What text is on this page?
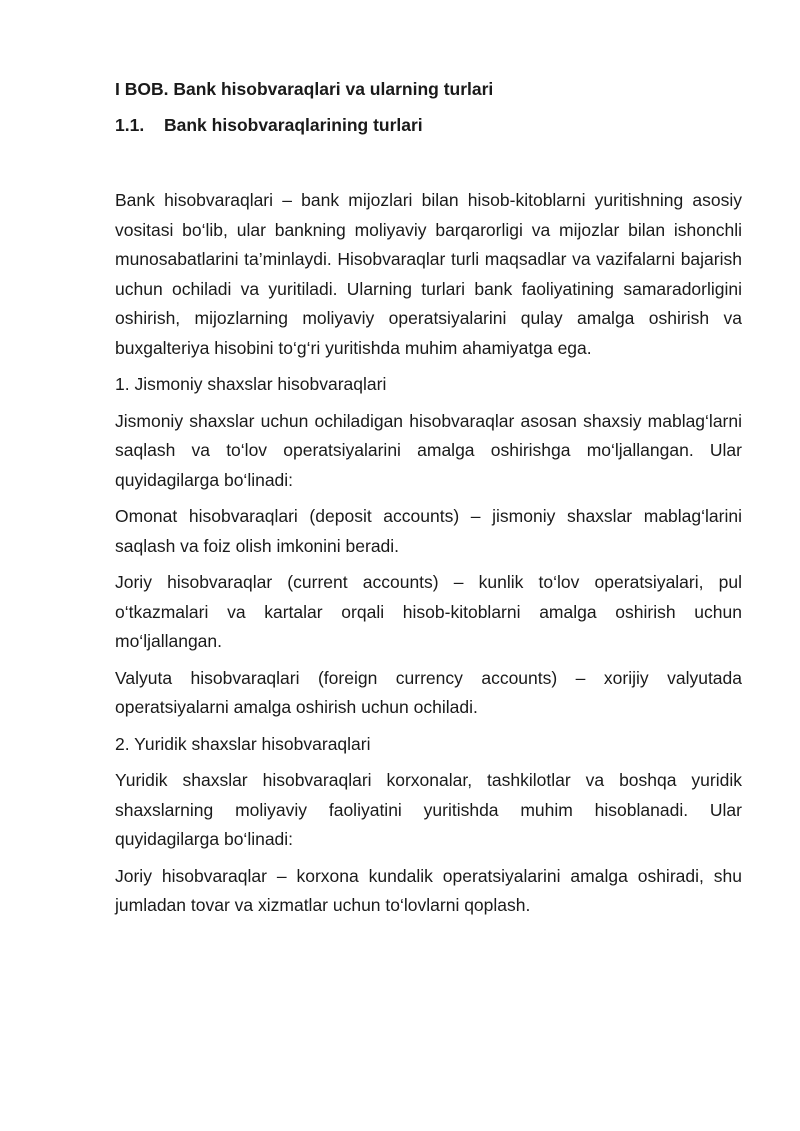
I BOB. Bank hisobvaraqlari va ularning turlari
1.1. Bank hisobvaraqlarining turlari

Bank hisobvaraqlari – bank mijozlari bilan hisob-kitoblarni yuritishning asosiy vositasi bo‘lib, ular bankning moliyaviy barqarorligi va mijozlar bilan ishonchli munosabatlarini ta’minlaydi. Hisobvaraqlar turli maqsadlar va vazifalarni bajarish uchun ochiladi va yuritiladi. Ularning turlari bank faoliyatining samaradorligini oshirish, mijozlarning moliyaviy operatsiyalarini qulay amalga oshirish va buxgalteriya hisobini to‘g‘ri yuritishda muhim ahamiyatga ega.

1. Jismoniy shaxslar hisobvaraqlari

Jismoniy shaxslar uchun ochiladigan hisobvaraqlar asosan shaxsiy mablag‘larni saqlash va to‘lov operatsiyalarini amalga oshirishga mo‘ljallangan. Ular quyidagilarga bo‘linadi:

Omonat hisobvaraqlari (deposit accounts) – jismoniy shaxslar mablag‘larini saqlash va foiz olish imkonini beradi.

Joriy hisobvaraqlar (current accounts) – kunlik to‘lov operatsiyalari, pul o‘tkazmalari va kartalar orqali hisob-kitoblarni amalga oshirish uchun mo‘ljallangan.

Valyuta hisobvaraqlari (foreign currency accounts) – xorijiy valyutada operatsiyalarni amalga oshirish uchun ochiladi.

2. Yuridik shaxslar hisobvaraqlari

Yuridik shaxslar hisobvaraqlari korxonalar, tashkilotlar va boshqa yuridik shaxslarning moliyaviy faoliyatini yuritishda muhim hisoblanadi. Ular quyidagilarga bo‘linadi:

Joriy hisobvaraqlar – korxona kundalik operatsiyalarini amalga oshiradi, shu jumladan tovar va xizmatlar uchun to‘lovlarni qoplash.
